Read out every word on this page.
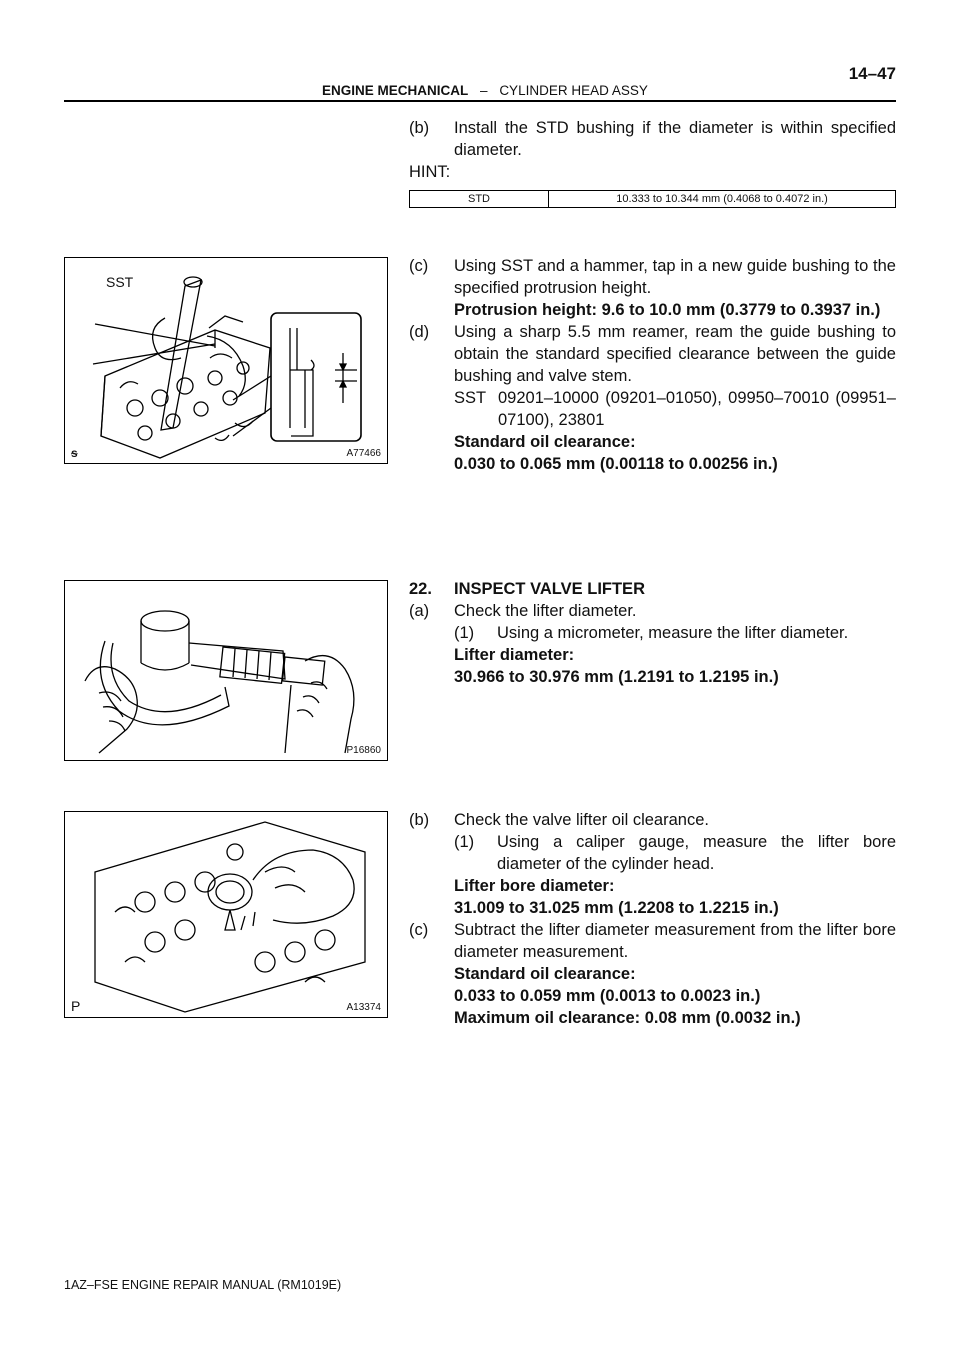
14–47
ENGINE MECHANICAL – CYLINDER HEAD ASSY
(b)	Install the STD bushing if the diameter is within specified diameter.
HINT:
STD	10.333 to 10.344 mm (0.4068 to 0.4072 in.)
SST
ᵴ	A77466
(c)	Using SST and a hammer, tap in a new guide bushing to the specified protrusion height.
Protrusion height: 9.6 to 10.0 mm (0.3779 to 0.3937 in.)
(d)	Using a sharp 5.5 mm reamer, ream the guide bushing to obtain the standard specified clearance between the guide bushing and valve stem.
SST 09201–10000 (09201–01050), 09950–70010 (09951–07100), 23801
Standard oil clearance:
0.030 to 0.065 mm (0.00118 to 0.00256 in.)
P16860
22.	INSPECT VALVE LIFTER
(a)	Check the lifter diameter.
(1)	Using a micrometer, measure the lifter diameter.
Lifter diameter:
30.966 to 30.976 mm (1.2191 to 1.2195 in.)
P	A13374
(b)	Check the valve lifter oil clearance.
(1)	Using a caliper gauge, measure the lifter bore diameter of the cylinder head.
Lifter bore diameter:
31.009 to 31.025 mm (1.2208 to 1.2215 in.)
(c)	Subtract the lifter diameter measurement from the lifter bore diameter measurement.
Standard oil clearance:
0.033 to 0.059 mm (0.0013 to 0.0023 in.)
Maximum oil clearance: 0.08 mm (0.0032 in.)
1AZ–FSE ENGINE REPAIR MANUAL (RM1019E)
